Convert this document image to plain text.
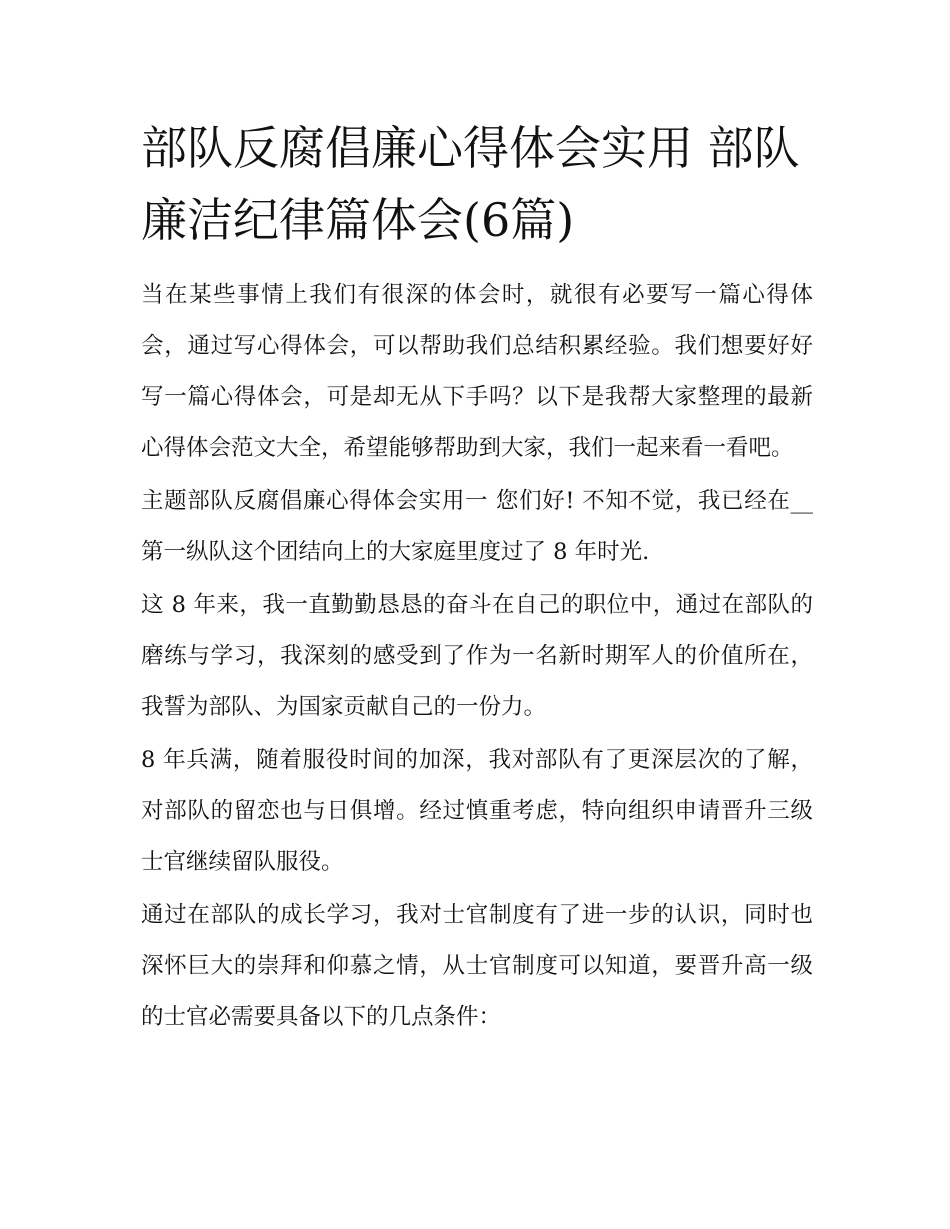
部队反腐倡廉心得体会实用 部队廉洁纪律篇体会(6篇)

当在某些事情上我们有很深的体会时，就很有必要写一篇心得体会，通过写心得体会，可以帮助我们总结积累经验。我们想要好好写一篇心得体会，可是却无从下手吗？以下是我帮大家整理的最新心得体会范文大全，希望能够帮助到大家，我们一起来看一看吧。

主题部队反腐倡廉心得体会实用一 您们好! 不知不觉，我已经在__第一纵队这个团结向上的大家庭里度过了 8 年时光.

这 8 年来，我一直勤勤恳恳的奋斗在自己的职位中，通过在部队的磨练与学习，我深刻的感受到了作为一名新时期军人的价值所在，我誓为部队、为国家贡献自己的一份力。

8 年兵满，随着服役时间的加深，我对部队有了更深层次的了解，对部队的留恋也与日俱增。经过慎重考虑，特向组织申请晋升三级士官继续留队服役。

通过在部队的成长学习，我对士官制度有了进一步的认识，同时也深怀巨大的崇拜和仰慕之情，从士官制度可以知道，要晋升高一级的士官必需要具备以下的几点条件：
